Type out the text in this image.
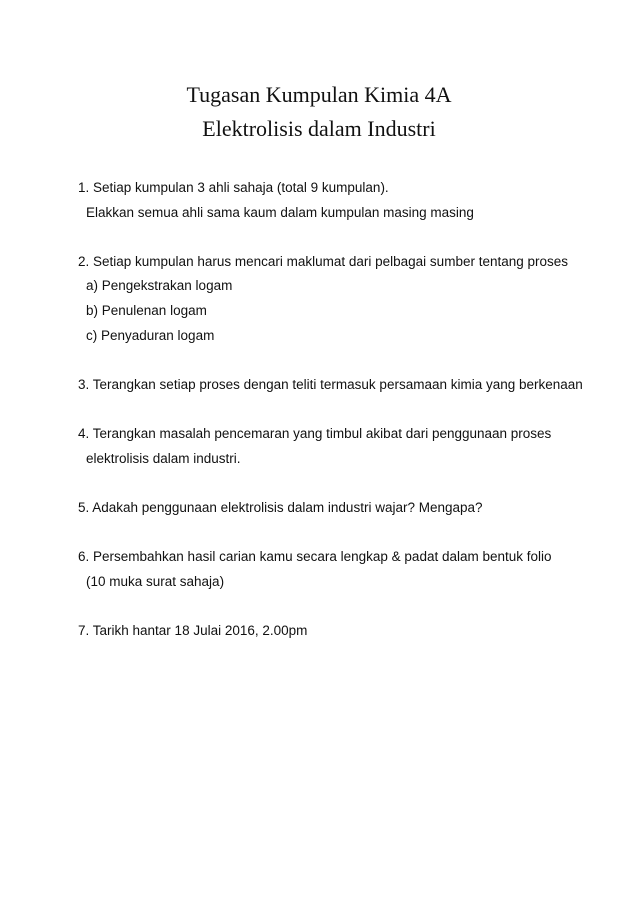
Tugasan Kumpulan Kimia 4A
Elektrolisis dalam Industri
1. Setiap kumpulan 3 ahli sahaja (total 9 kumpulan).
Elakkan semua ahli sama kaum dalam kumpulan masing masing
2. Setiap kumpulan harus mencari maklumat dari pelbagai sumber tentang proses
a) Pengekstrakan logam
b) Penulenan logam
c) Penyaduran logam
3. Terangkan setiap proses dengan teliti termasuk persamaan kimia yang berkenaan
4. Terangkan masalah pencemaran yang timbul akibat dari penggunaan proses
elektrolisis dalam industri.
5. Adakah penggunaan elektrolisis dalam industri wajar? Mengapa?
6. Persembahkan hasil carian kamu secara lengkap & padat dalam bentuk folio
(10 muka surat sahaja)
7. Tarikh hantar 18 Julai 2016, 2.00pm
